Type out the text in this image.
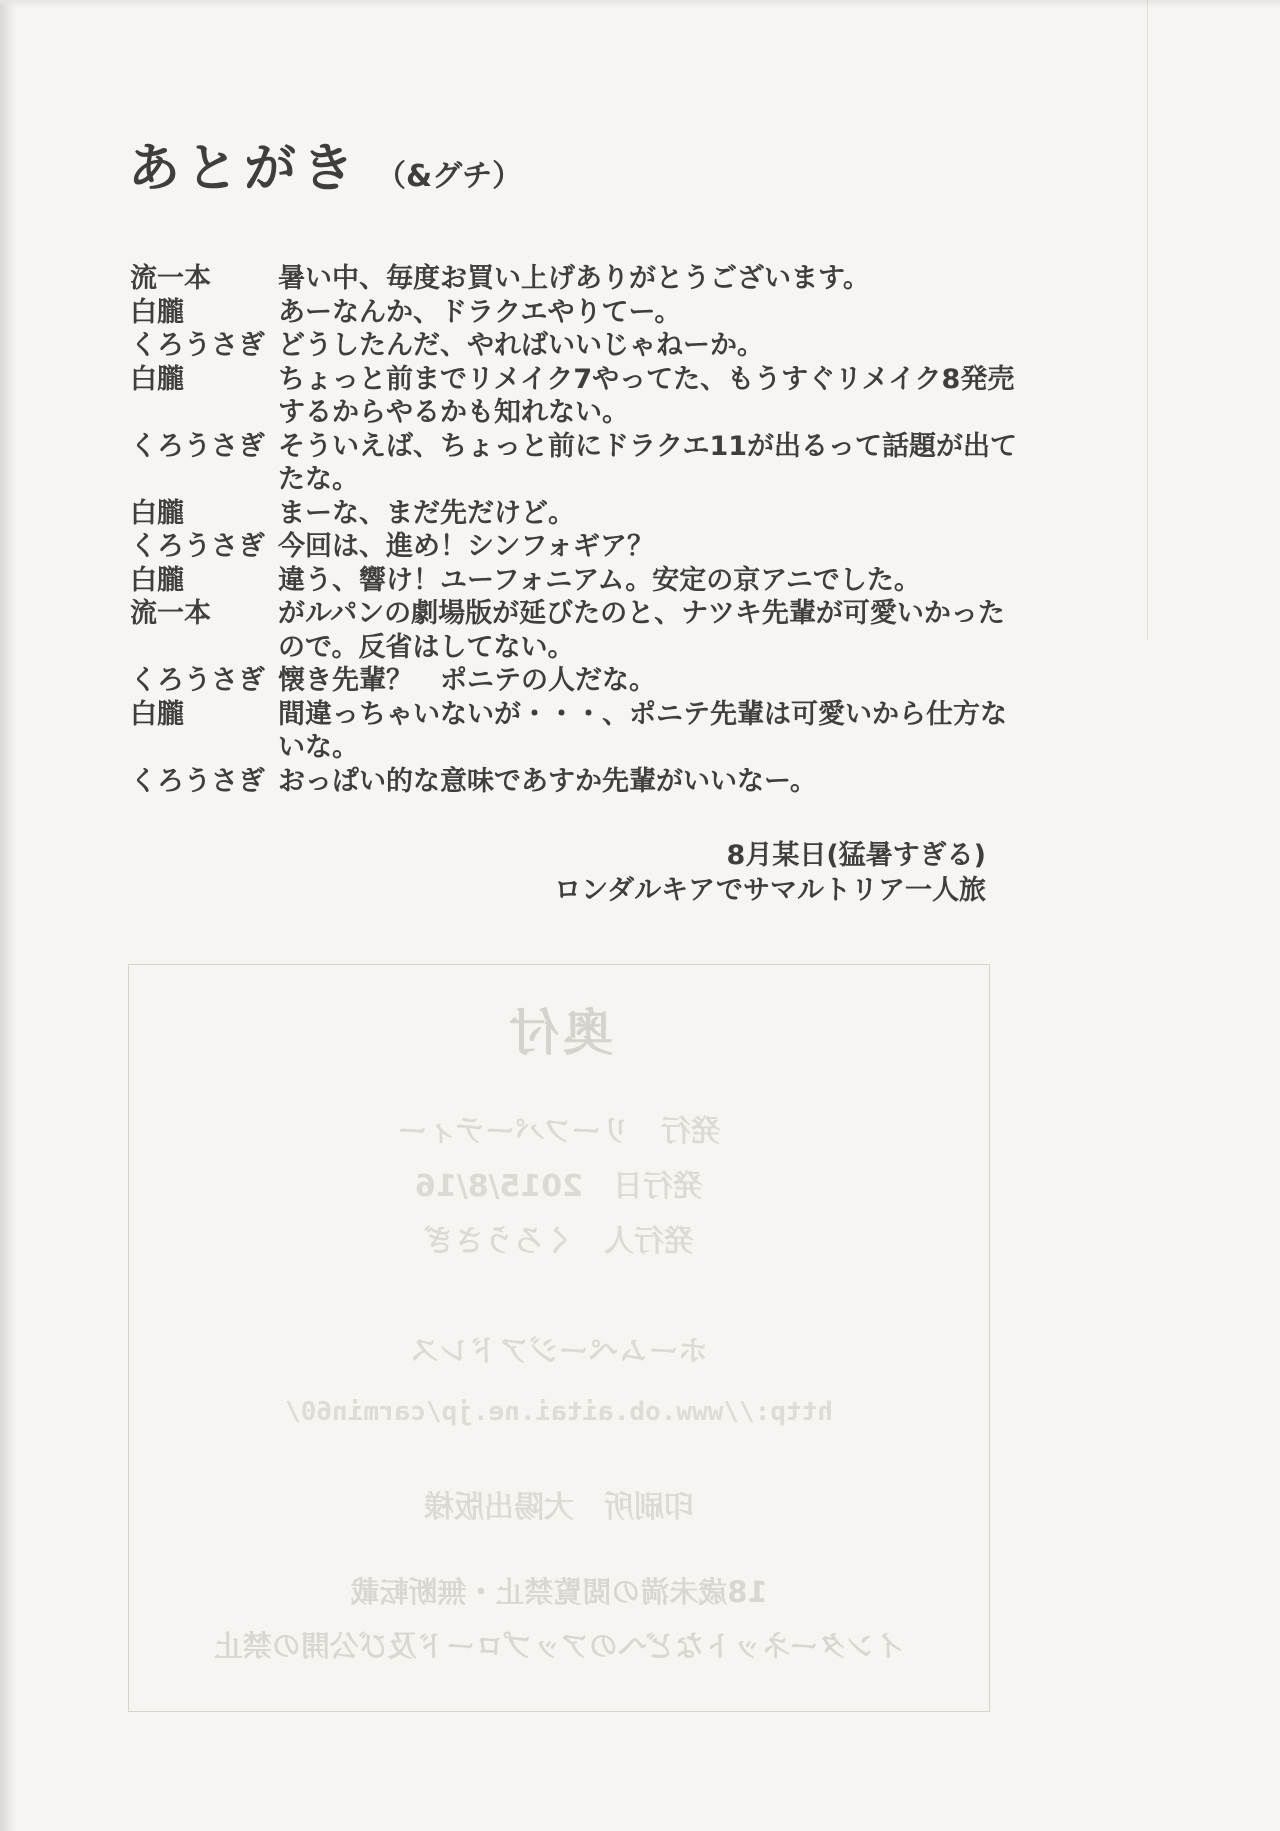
あとがき （&グチ）
流一本	暑い中、毎度お買い上げありがとうございます。
白朧	あーなんか、ドラクエやりてー。
くろうさぎ どうしたんだ、やればいいじゃねーか。
白朧	ちょっと前までリメイク7やってた、もうすぐリメイク8発売するからやるかも知れない。
くろうさぎ そういえば、ちょっと前にドラクエ11が出るって話題が出てたな。
白朧	まーな、まだ先だけど。
くろうさぎ 今回は、進め！シンフォギア？
白朧	違う、響け！ユーフォニアム。安定の京アニでした。
流一本	がルパンの劇場版が延びたのと、ナツキ先輩が可愛いかったので。反省はしてない。
くろうさぎ 懐き先輩？　ポニテの人だな。
白朧	間違っちゃいないが・・・、ポニテ先輩は可愛いから仕方ないな。
くろうさぎ おっぱい的な意味であすか先輩がいいなー。
8月某日(猛暑すぎる)
ロンダルキアでサマルトリア一人旅
奥付
発行　リーフパーティー
発行日　2015/8/16
発行人　くろうさぎ
ホームページアドレス
http://www.ob.aitai.ne.jp/carmin60/
印刷所　大陽出版様
18歳未満の閲覧禁止・無断転載
インターネットなどへのアップロード及び公開の禁止
